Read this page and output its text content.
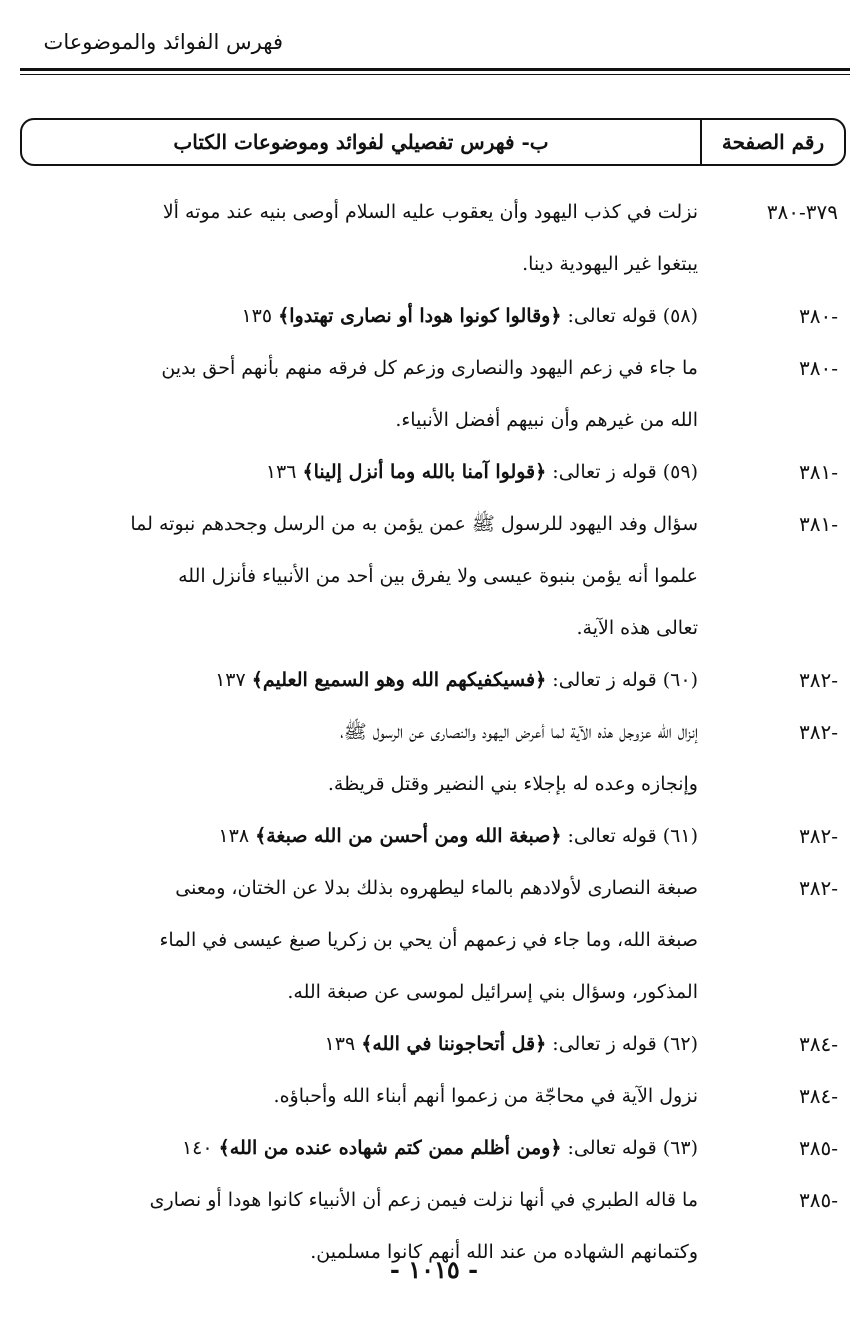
فهرس الفوائد والموضوعات
رقم الصفحة
ب- فهرس تفصيلي لفوائد وموضوعات الكتاب
٣٧٩-٣٨٠
نزلت في كذب اليهود وأن يعقوب عليه السلام أوصى بنيه عند موته ألا
يبتغوا غير اليهودية دينا.
-٣٨٠
(٥٨) قوله تعالى: ﴿وقالوا كونوا هودا أو نصارى تهتدوا﴾ ١٣٥
-٣٨٠
ما جاء في زعم اليهود والنصارى وزعم كل فرقه منهم بأنهم أحق بدين
الله من غيرهم وأن نبيهم أفضل الأنبياء.
-٣٨١
(٥٩) قوله ز تعالى: ﴿قولوا آمنا بالله وما أنزل إلينا﴾ ١٣٦
-٣٨١
سؤال وفد اليهود للرسول ﷺ عمن يؤمن به من الرسل وجحدهم نبوته لما
علموا أنه يؤمن بنبوة عيسى ولا يفرق بين أحد من الأنبياء فأنزل الله
تعالى هذه الآية.
-٣٨٢
(٦٠) قوله ز تعالى: ﴿فسيكفيكهم الله وهو السميع العليم﴾ ١٣٧
-٣٨٢
إنزال الله عزوجل هذه الآية لما أعرض اليهود والنصارى عن الرسول ﷺ،
وإنجازه وعده له بإجلاء بني النضير وقتل قريظة.
-٣٨٢
(٦١) قوله تعالى: ﴿صبغة الله ومن أحسن من الله صبغة﴾ ١٣٨
-٣٨٢
صبغة النصارى لأولادهم بالماء ليطهروه بذلك بدلا عن الختان، ومعنى
صبغة الله، وما جاء في زعمهم أن يحي بن زكريا صبغ عيسى في الماء
المذكور، وسؤال بني إسرائيل لموسى عن صبغة الله.
-٣٨٤
(٦٢) قوله ز تعالى: ﴿قل أتحاجوننا في الله﴾ ١٣٩
-٣٨٤
نزول الآية في محاجّة من زعموا أنهم أبناء الله وأحباؤه.
-٣٨٥
(٦٣) قوله تعالى: ﴿ومن أظلم ممن كتم شهاده عنده من الله﴾ ١٤٠
-٣٨٥
ما قاله الطبري في أنها نزلت فيمن زعم أن الأنبياء كانوا هودا أو نصارى
وكتمانهم الشهاده من عند الله أنهم كانوا مسلمين.
- ١٠١٥ -
